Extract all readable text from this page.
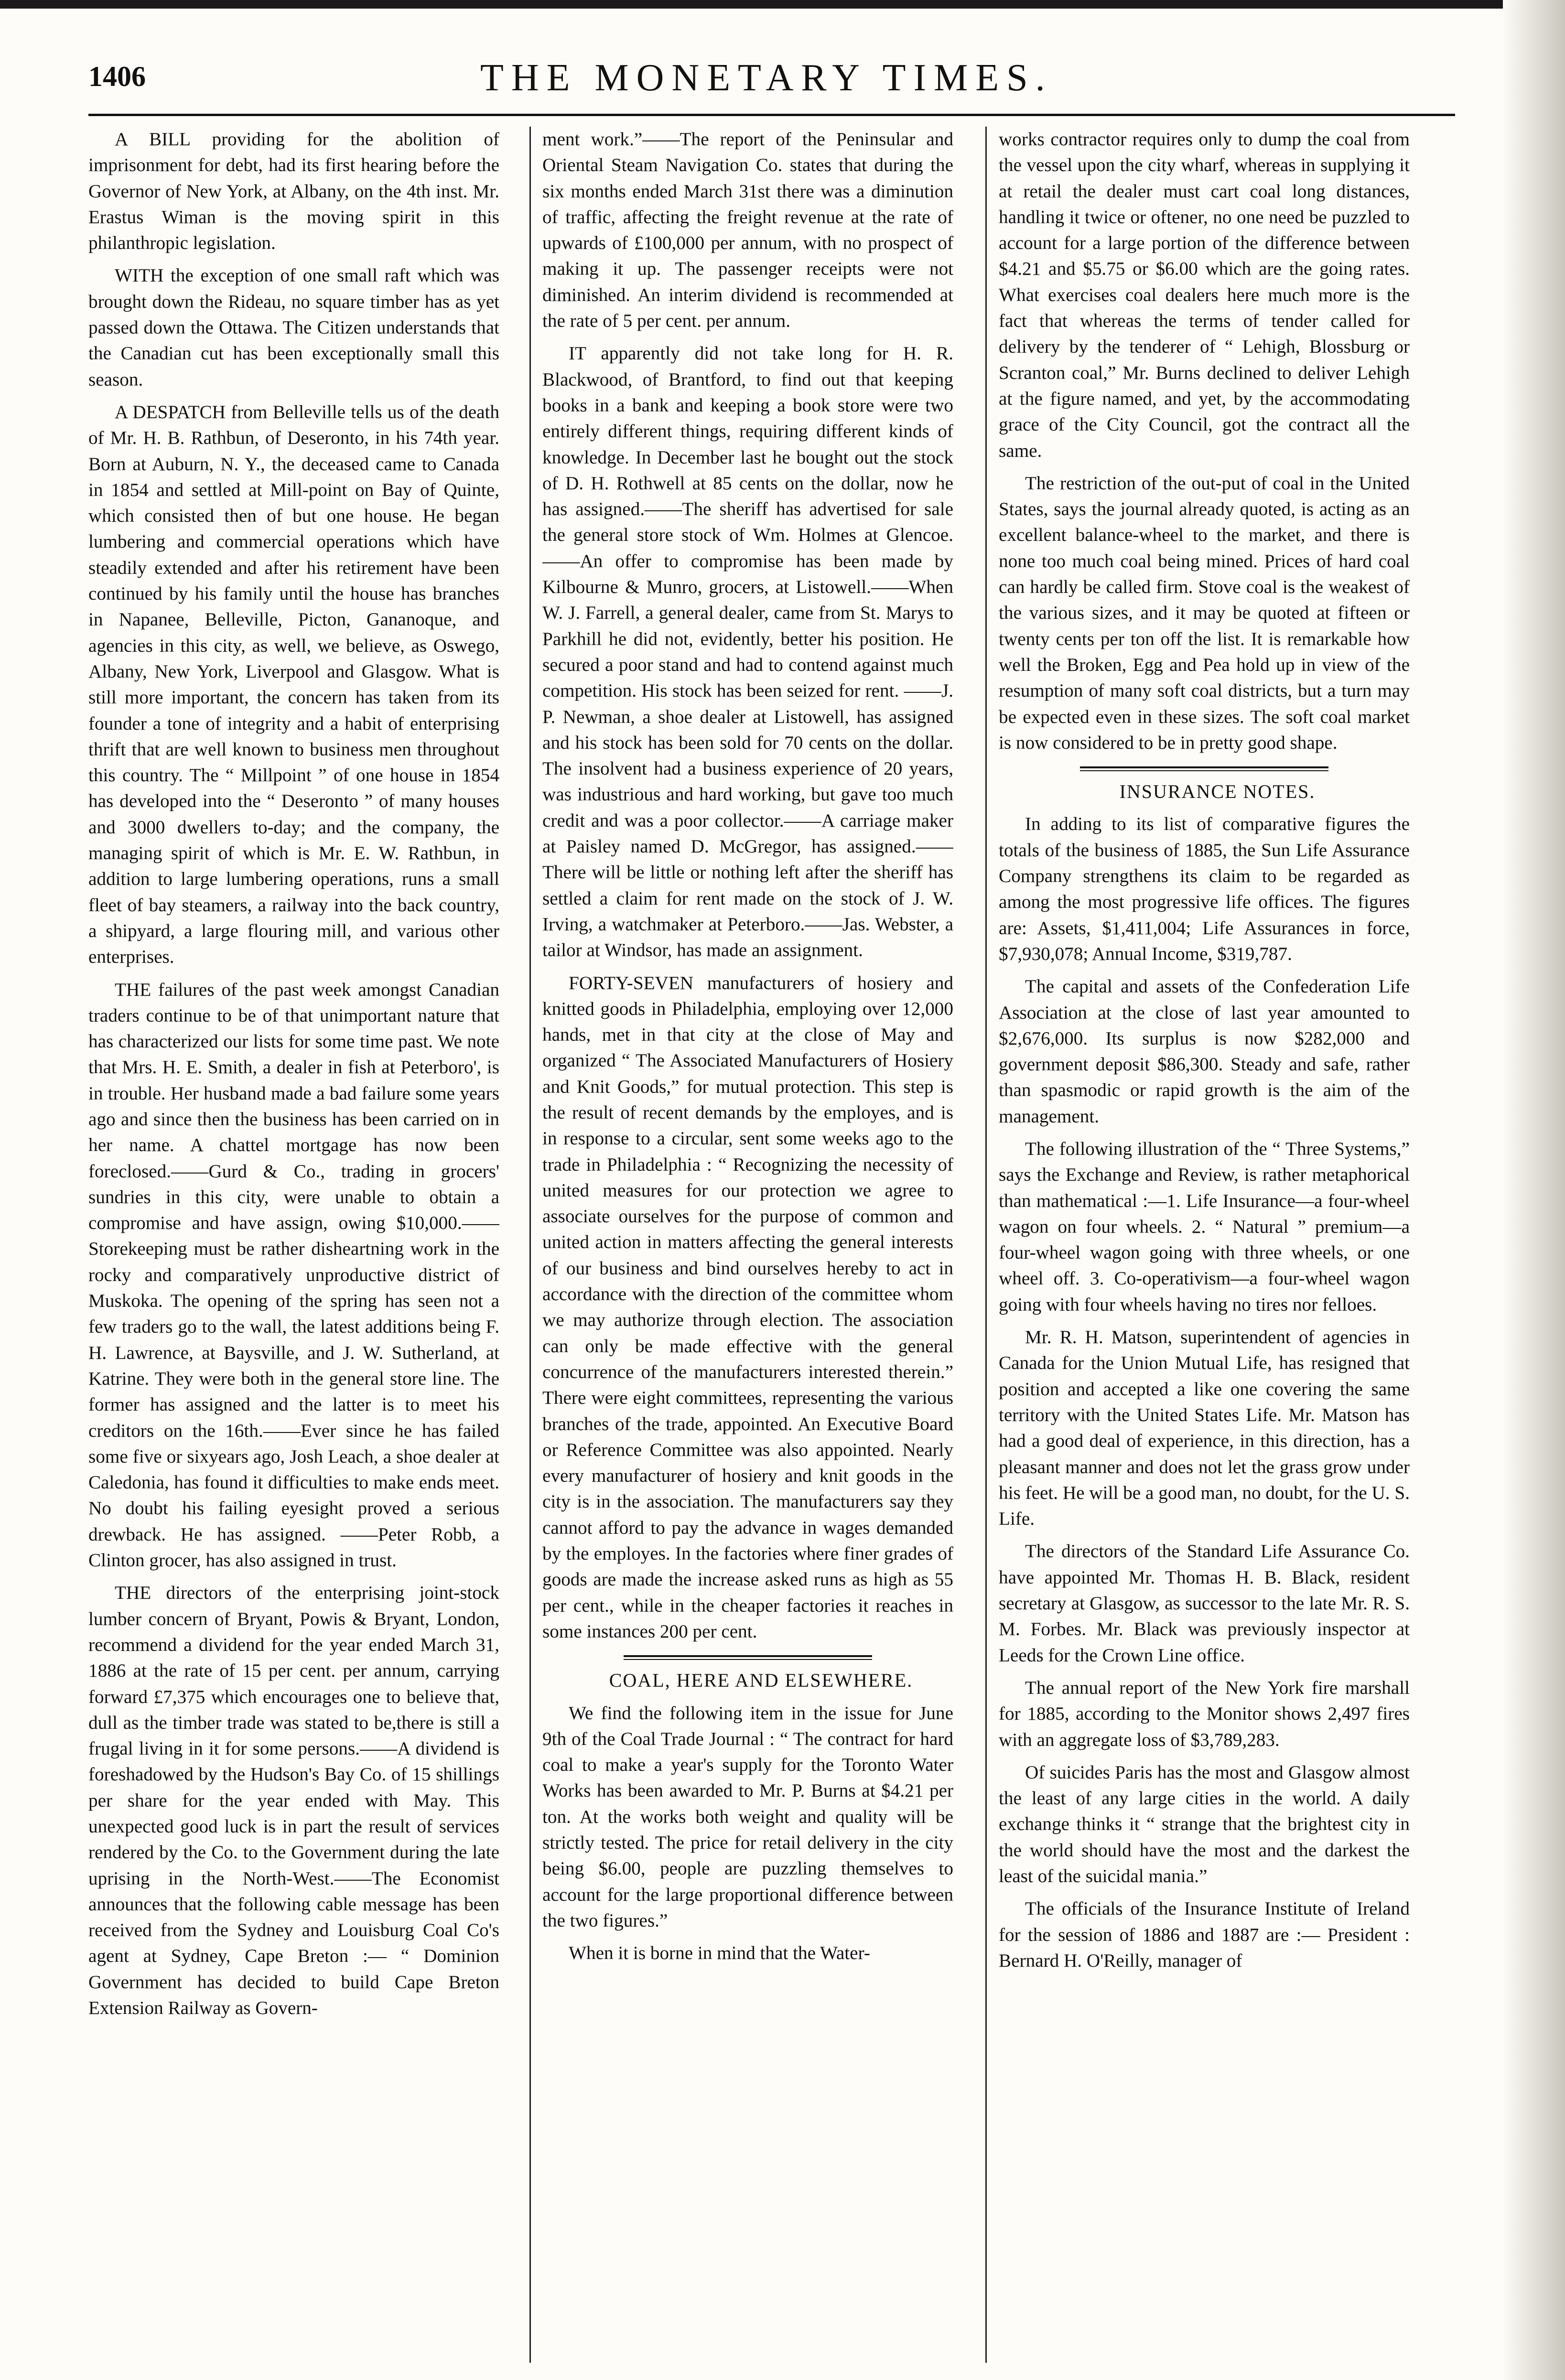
1406	THE MONETARY TIMES.

A BILL providing for the abolition of imprisonment for debt, had its first hearing before the Governor of New York, at Albany, on the 4th inst. Mr. Erastus Wiman is the moving spirit in this philanthropic legislation.

WITH the exception of one small raft which was brought down the Rideau, no square timber has as yet passed down the Ottawa. The Citizen understands that the Canadian cut has been exceptionally small this season.

A DESPATCH from Belleville tells us of the death of Mr. H. B. Rathbun, of Deseronto, in his 74th year. Born at Auburn, N. Y., the deceased came to Canada in 1854 and settled at Mill-point on Bay of Quinte, which consisted then of but one house. He began lumbering and commercial operations which have steadily extended and after his retirement have been continued by his family until the house has branches in Napanee, Belleville, Picton, Gananoque, and agencies in this city, as well, we believe, as Oswego, Albany, New York, Liverpool and Glasgow. What is still more important, the concern has taken from its founder a tone of integrity and a habit of enterprising thrift that are well known to business men throughout this country. The “ Millpoint ” of one house in 1854 has developed into the “ Deseronto ” of many houses and 3000 dwellers to-day; and the company, the managing spirit of which is Mr. E. W. Rathbun, in addition to large lumbering operations, runs a small fleet of bay steamers, a railway into the back country, a shipyard, a large flouring mill, and various other enterprises.

THE failures of the past week amongst Canadian traders continue to be of that unimportant nature that has characterized our lists for some time past. We note that Mrs. H. E. Smith, a dealer in fish at Peterboro', is in trouble. Her husband made a bad failure some years ago and since then the business has been carried on in her name. A chattel mortgage has now been foreclosed.——Gurd & Co., trading in grocers' sundries in this city, were unable to obtain a compromise and have assign, owing $10,000.——Storekeeping must be rather disheartning work in the rocky and comparatively unproductive district of Muskoka. The opening of the spring has seen not a few traders go to the wall, the latest additions being F. H. Lawrence, at Baysville, and J. W. Sutherland, at Katrine. They were both in the general store line. The former has assigned and the latter is to meet his creditors on the 16th.——Ever since he has failed some five or sixyears ago, Josh Leach, a shoe dealer at Caledonia, has found it difficulties to make ends meet. No doubt his failing eyesight proved a serious drewback. He has assigned. ——Peter Robb, a Clinton grocer, has also assigned in trust.

THE directors of the enterprising joint-stock lumber concern of Bryant, Powis & Bryant, London, recommend a dividend for the year ended March 31, 1886 at the rate of 15 per cent. per annum, carrying forward £7,375 which encourages one to believe that, dull as the timber trade was stated to be,there is still a frugal living in it for some persons.——A dividend is foreshadowed by the Hudson's Bay Co. of 15 shillings per share for the year ended with May. This unexpected good luck is in part the result of services rendered by the Co. to the Government during the late uprising in the North-West.——The Economist announces that the following cable message has been received from the Sydney and Louisburg Coal Co's agent at Sydney, Cape Breton :— “ Dominion Government has decided to build Cape Breton Extension Railway as Govern-

ment work.”——The report of the Peninsular and Oriental Steam Navigation Co. states that during the six months ended March 31st there was a diminution of traffic, affecting the freight revenue at the rate of upwards of £100,000 per annum, with no prospect of making it up. The passenger receipts were not diminished. An interim dividend is recommended at the rate of 5 per cent. per annum.

IT apparently did not take long for H. R. Blackwood, of Brantford, to find out that keeping books in a bank and keeping a book store were two entirely different things, requiring different kinds of knowledge. In December last he bought out the stock of D. H. Rothwell at 85 cents on the dollar, now he has assigned.——The sheriff has advertised for sale the general store stock of Wm. Holmes at Glencoe.——An offer to compromise has been made by Kilbourne & Munro, grocers, at Listowell.——When W. J. Farrell, a general dealer, came from St. Marys to Parkhill he did not, evidently, better his position. He secured a poor stand and had to contend against much competition. His stock has been seized for rent. ——J. P. Newman, a shoe dealer at Listowell, has assigned and his stock has been sold for 70 cents on the dollar. The insolvent had a business experience of 20 years, was industrious and hard working, but gave too much credit and was a poor collector.——A carriage maker at Paisley named D. McGregor, has assigned.——There will be little or nothing left after the sheriff has settled a claim for rent made on the stock of J. W. Irving, a watchmaker at Peterboro.——Jas. Webster, a tailor at Windsor, has made an assignment.

FORTY-SEVEN manufacturers of hosiery and knitted goods in Philadelphia, employing over 12,000 hands, met in that city at the close of May and organized “ The Associated Manufacturers of Hosiery and Knit Goods,” for mutual protection. This step is the result of recent demands by the employes, and is in response to a circular, sent some weeks ago to the trade in Philadelphia : “ Recognizing the necessity of united measures for our protection we agree to associate ourselves for the purpose of common and united action in matters affecting the general interests of our business and bind ourselves hereby to act in accordance with the direction of the committee whom we may authorize through election. The association can only be made effective with the general concurrence of the manufacturers interested therein.” There were eight committees, representing the various branches of the trade, appointed. An Executive Board or Reference Committee was also appointed. Nearly every manufacturer of hosiery and knit goods in the city is in the association. The manufacturers say they cannot afford to pay the advance in wages demanded by the employes. In the factories where finer grades of goods are made the increase asked runs as high as 55 per cent., while in the cheaper factories it reaches in some instances 200 per cent.

COAL, HERE AND ELSEWHERE.

We find the following item in the issue for June 9th of the Coal Trade Journal : “ The contract for hard coal to make a year's supply for the Toronto Water Works has been awarded to Mr. P. Burns at $4.21 per ton. At the works both weight and quality will be strictly tested. The price for retail delivery in the city being $6.00, people are puzzling themselves to account for the large proportional difference between the two figures.”

When it is borne in mind that the Water-

works contractor requires only to dump the coal from the vessel upon the city wharf, whereas in supplying it at retail the dealer must cart coal long distances, handling it twice or oftener, no one need be puzzled to account for a large portion of the difference between $4.21 and $5.75 or $6.00 which are the going rates. What exercises coal dealers here much more is the fact that whereas the terms of tender called for delivery by the tenderer of “ Lehigh, Blossburg or Scranton coal,” Mr. Burns declined to deliver Lehigh at the figure named, and yet, by the accommodating grace of the City Council, got the contract all the same.

The restriction of the out-put of coal in the United States, says the journal already quoted, is acting as an excellent balance-wheel to the market, and there is none too much coal being mined. Prices of hard coal can hardly be called firm. Stove coal is the weakest of the various sizes, and it may be quoted at fifteen or twenty cents per ton off the list. It is remarkable how well the Broken, Egg and Pea hold up in view of the resumption of many soft coal districts, but a turn may be expected even in these sizes. The soft coal market is now considered to be in pretty good shape.

INSURANCE NOTES.

In adding to its list of comparative figures the totals of the business of 1885, the Sun Life Assurance Company strengthens its claim to be regarded as among the most progressive life offices. The figures are: Assets, $1,411,004; Life Assurances in force, $7,930,078; Annual Income, $319,787.

The capital and assets of the Confederation Life Association at the close of last year amounted to $2,676,000. Its surplus is now $282,000 and government deposit $86,300. Steady and safe, rather than spasmodic or rapid growth is the aim of the management.

The following illustration of the “ Three Systems,” says the Exchange and Review, is rather metaphorical than mathematical :—1. Life Insurance—a four-wheel wagon on four wheels. 2. “ Natural ” premium—a four-wheel wagon going with three wheels, or one wheel off. 3. Co-operativism—a four-wheel wagon going with four wheels having no tires nor felloes.

Mr. R. H. Matson, superintendent of agencies in Canada for the Union Mutual Life, has resigned that position and accepted a like one covering the same territory with the United States Life. Mr. Matson has had a good deal of experience, in this direction, has a pleasant manner and does not let the grass grow under his feet. He will be a good man, no doubt, for the U. S. Life.

The directors of the Standard Life Assurance Co. have appointed Mr. Thomas H. B. Black, resident secretary at Glasgow, as successor to the late Mr. R. S. M. Forbes. Mr. Black was previously inspector at Leeds for the Crown Line office.

The annual report of the New York fire marshall for 1885, according to the Monitor shows 2,497 fires with an aggregate loss of $3,789,283.

Of suicides Paris has the most and Glasgow almost the least of any large cities in the world. A daily exchange thinks it “ strange that the brightest city in the world should have the most and the darkest the least of the suicidal mania.”

The officials of the Insurance Institute of Ireland for the session of 1886 and 1887 are :— President : Bernard H. O'Reilly, manager of
